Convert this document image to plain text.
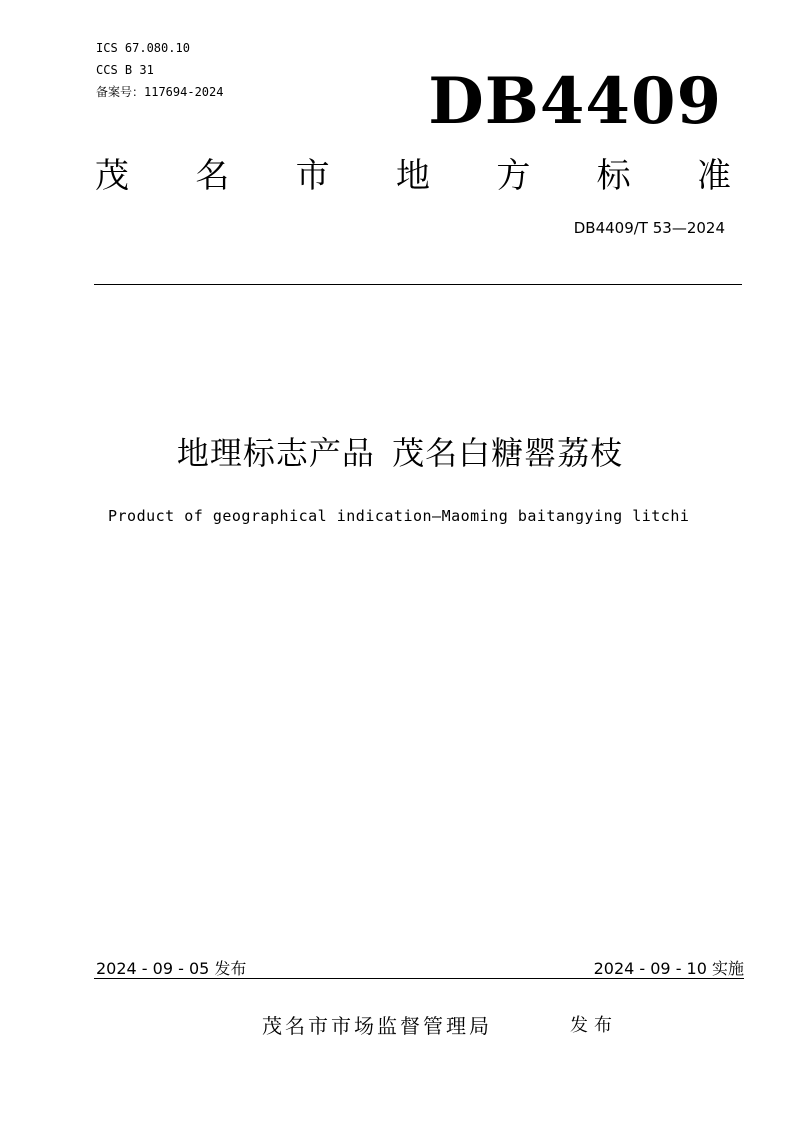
ICS 67.080.10
CCS B 31
备案号：117694-2024	DB4409
茂 名 市 地 方 标 准
DB4409/T 53—2024
地理标志产品 茂名白糖罂荔枝
Product of geographical indication—Maoming baitangying litchi
2024 - 09 - 05 发布	2024 - 09 - 10 实施
茂名市市场监督管理局	发布
